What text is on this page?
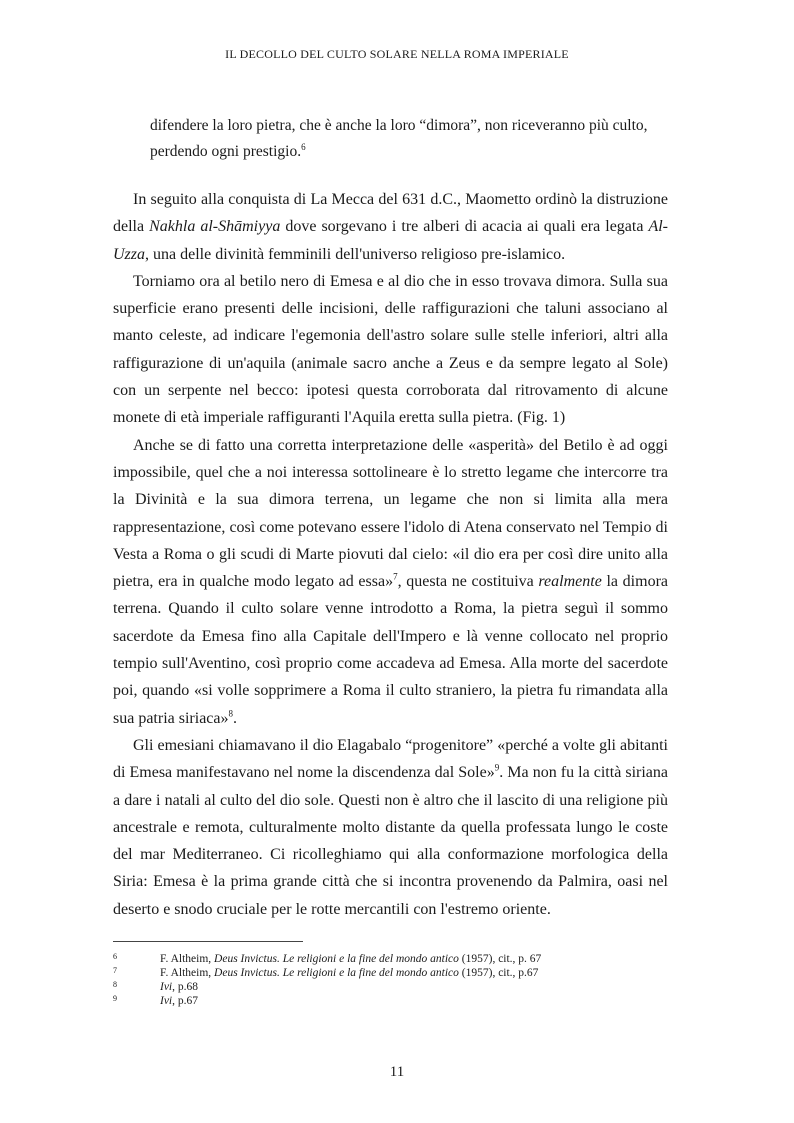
IL DECOLLO DEL CULTO SOLARE NELLA ROMA IMPERIALE
difendere la loro pietra, che è anche la loro “dimora”, non riceveranno più culto,
perdendo ogni prestigio.$^6$

In seguito alla conquista di La Mecca del 631 d.C., Maometto ordinò la distruzione della Nakhla al-Shāmiyya dove sorgevano i tre alberi di acacia ai quali era legata Al-Uzza, una delle divinità femminili dell'universo religioso pre-islamico.

Torniamo ora al betilo nero di Emesa e al dio che in esso trovava dimora. Sulla sua superficie erano presenti delle incisioni, delle raffigurazioni che taluni associano al manto celeste, ad indicare l'egemonia dell'astro solare sulle stelle inferiori, altri alla raffigurazione di un'aquila (animale sacro anche a Zeus e da sempre legato al Sole) con un serpente nel becco: ipotesi questa corroborata dal ritrovamento di alcune monete di età imperiale raffiguranti l'Aquila eretta sulla pietra. (Fig. 1)

Anche se di fatto una corretta interpretazione delle «asperità» del Betilo è ad oggi impossibile, quel che a noi interessa sottolineare è lo stretto legame che intercorre tra la Divinità e la sua dimora terrena, un legame che non si limita alla mera rappresentazione, così come potevano essere l'idolo di Atena conservato nel Tempio di Vesta a Roma o gli scudi di Marte piovuti dal cielo: «il dio era per così dire unito alla pietra, era in qualche modo legato ad essa»$^7$, questa ne costituiva realmente la dimora terrena. Quando il culto solare venne introdotto a Roma, la pietra seguì il sommo sacerdote da Emesa fino alla Capitale dell'Impero e là venne collocato nel proprio tempio sull'Aventino, così proprio come accadeva ad Emesa. Alla morte del sacerdote poi, quando «si volle sopprimere a Roma il culto straniero, la pietra fu rimandata alla sua patria siriaca»$^8$.

Gli emesiani chiamavano il dio Elagabalo “progenitore” «perché a volte gli abitanti di Emesa manifestavano nel nome la discendenza dal Sole»$^9$. Ma non fu la città siriana a dare i natali al culto del dio sole. Questi non è altro che il lascito di una religione più ancestrale e remota, culturalmente molto distante da quella professata lungo le coste del mar Mediterraneo. Ci ricolleghiamo qui alla conformazione morfologica della Siria: Emesa è la prima grande città che si incontra provenendo da Palmira, oasi nel deserto e snodo cruciale per le rotte mercantili con l'estremo oriente.

6	F. Altheim, Deus Invictus. Le religioni e la fine del mondo antico (1957), cit., p. 67
7	F. Altheim, Deus Invictus. Le religioni e la fine del mondo antico (1957), cit., p.67
8	Ivi, p.68
9	Ivi, p.67
11
